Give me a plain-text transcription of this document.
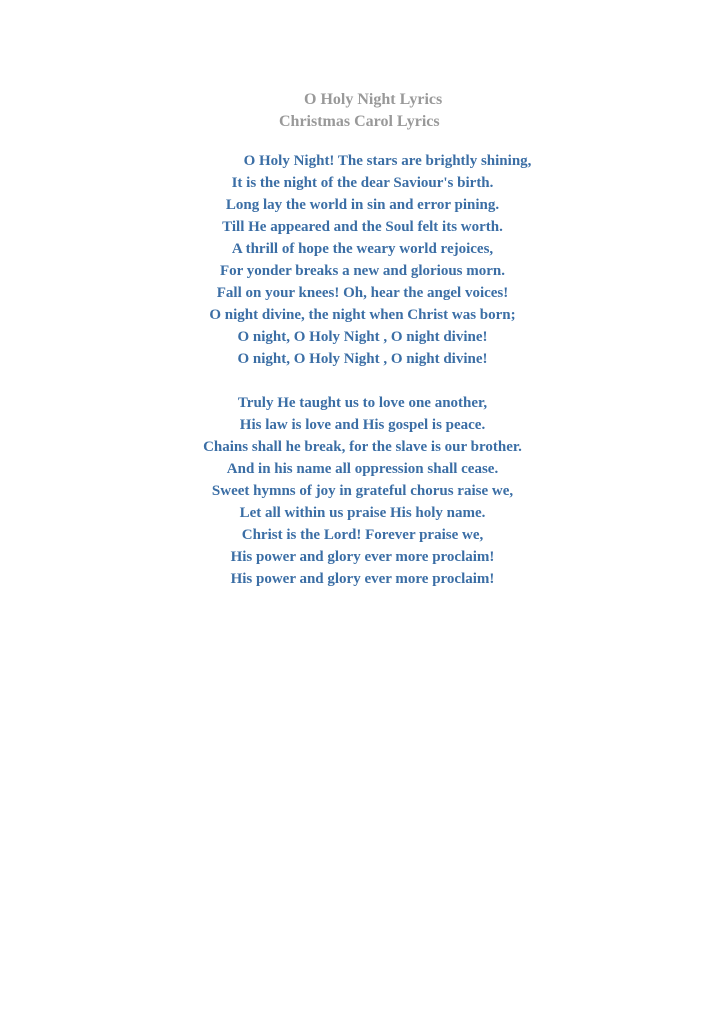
O Holy Night Lyrics
Christmas Carol Lyrics
O Holy Night! The stars are brightly shining,
It is the night of the dear Saviour's birth.
Long lay the world in sin and error pining.
Till He appeared and the Soul felt its worth.
A thrill of hope the weary world rejoices,
For yonder breaks a new and glorious morn.
Fall on your knees! Oh, hear the angel voices!
O night divine, the night when Christ was born;
O night, O Holy Night , O night divine!
O night, O Holy Night , O night divine!
Truly He taught us to love one another,
His law is love and His gospel is peace.
Chains shall he break, for the slave is our brother.
And in his name all oppression shall cease.
Sweet hymns of joy in grateful chorus raise we,
Let all within us praise His holy name.
Christ is the Lord! Forever praise we,
His power and glory ever more proclaim!
His power and glory ever more proclaim!
